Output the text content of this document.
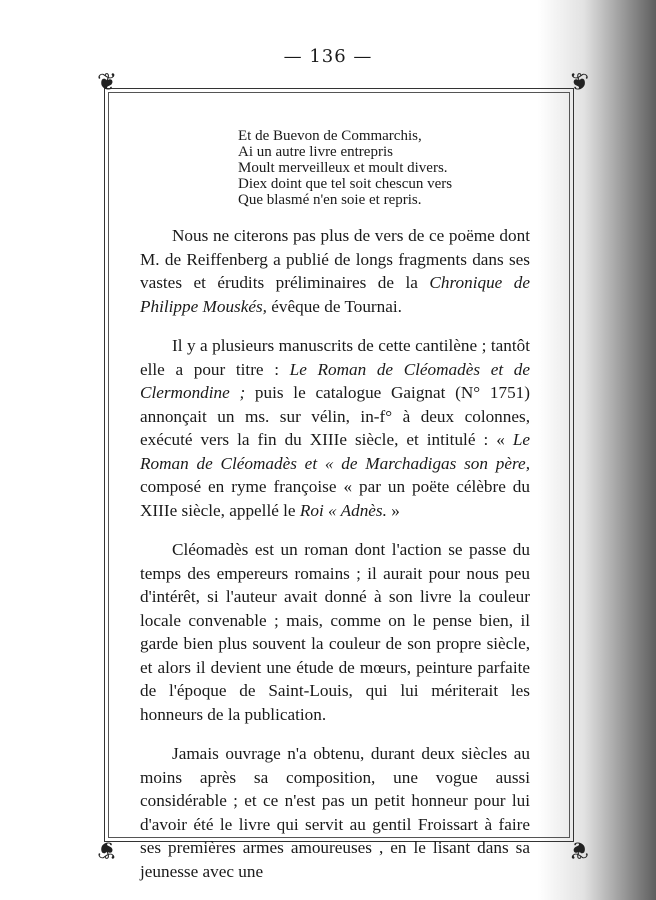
— 136 —
❦	❦
❦	❦
Et de Buevon de Commarchis,
Ai un autre livre entrepris
Moult merveilleux et moult divers.
Diex doint que tel soit chescun vers
Que blasmé n'en soie et repris.

Nous ne citerons pas plus de vers de ce poëme dont M. de Reiffenberg a publié de longs fragments dans ses vastes et érudits préliminaires de la Chronique de Philippe Mouskés, évêque de Tournai.

Il y a plusieurs manuscrits de cette cantilène ; tantôt elle a pour titre : Le Roman de Cléomadès et de Clermondine ; puis le catalogue Gaignat (N° 1751) annonçait un ms. sur vélin, in-f° à deux colonnes, exécuté vers la fin du XIIIe siècle, et intitulé : « Le Roman de Cléomadès et « de Marchadigas son père, composé en ryme françoise « par un poëte célèbre du XIIIe siècle, appellé le Roi « Adnès. »

Cléomadès est un roman dont l'action se passe du temps des empereurs romains ; il aurait pour nous peu d'intérêt, si l'auteur avait donné à son livre la couleur locale convenable ; mais, comme on le pense bien, il garde bien plus souvent la couleur de son propre siècle, et alors il devient une étude de mœurs, peinture parfaite de l'époque de Saint-Louis, qui lui mériterait les honneurs de la publication.

Jamais ouvrage n'a obtenu, durant deux siècles au moins après sa composition, une vogue aussi considérable ; et ce n'est pas un petit honneur pour lui d'avoir été le livre qui servit au gentil Froissart à faire ses premières armes amoureuses , en le lisant dans sa jeunesse avec une
